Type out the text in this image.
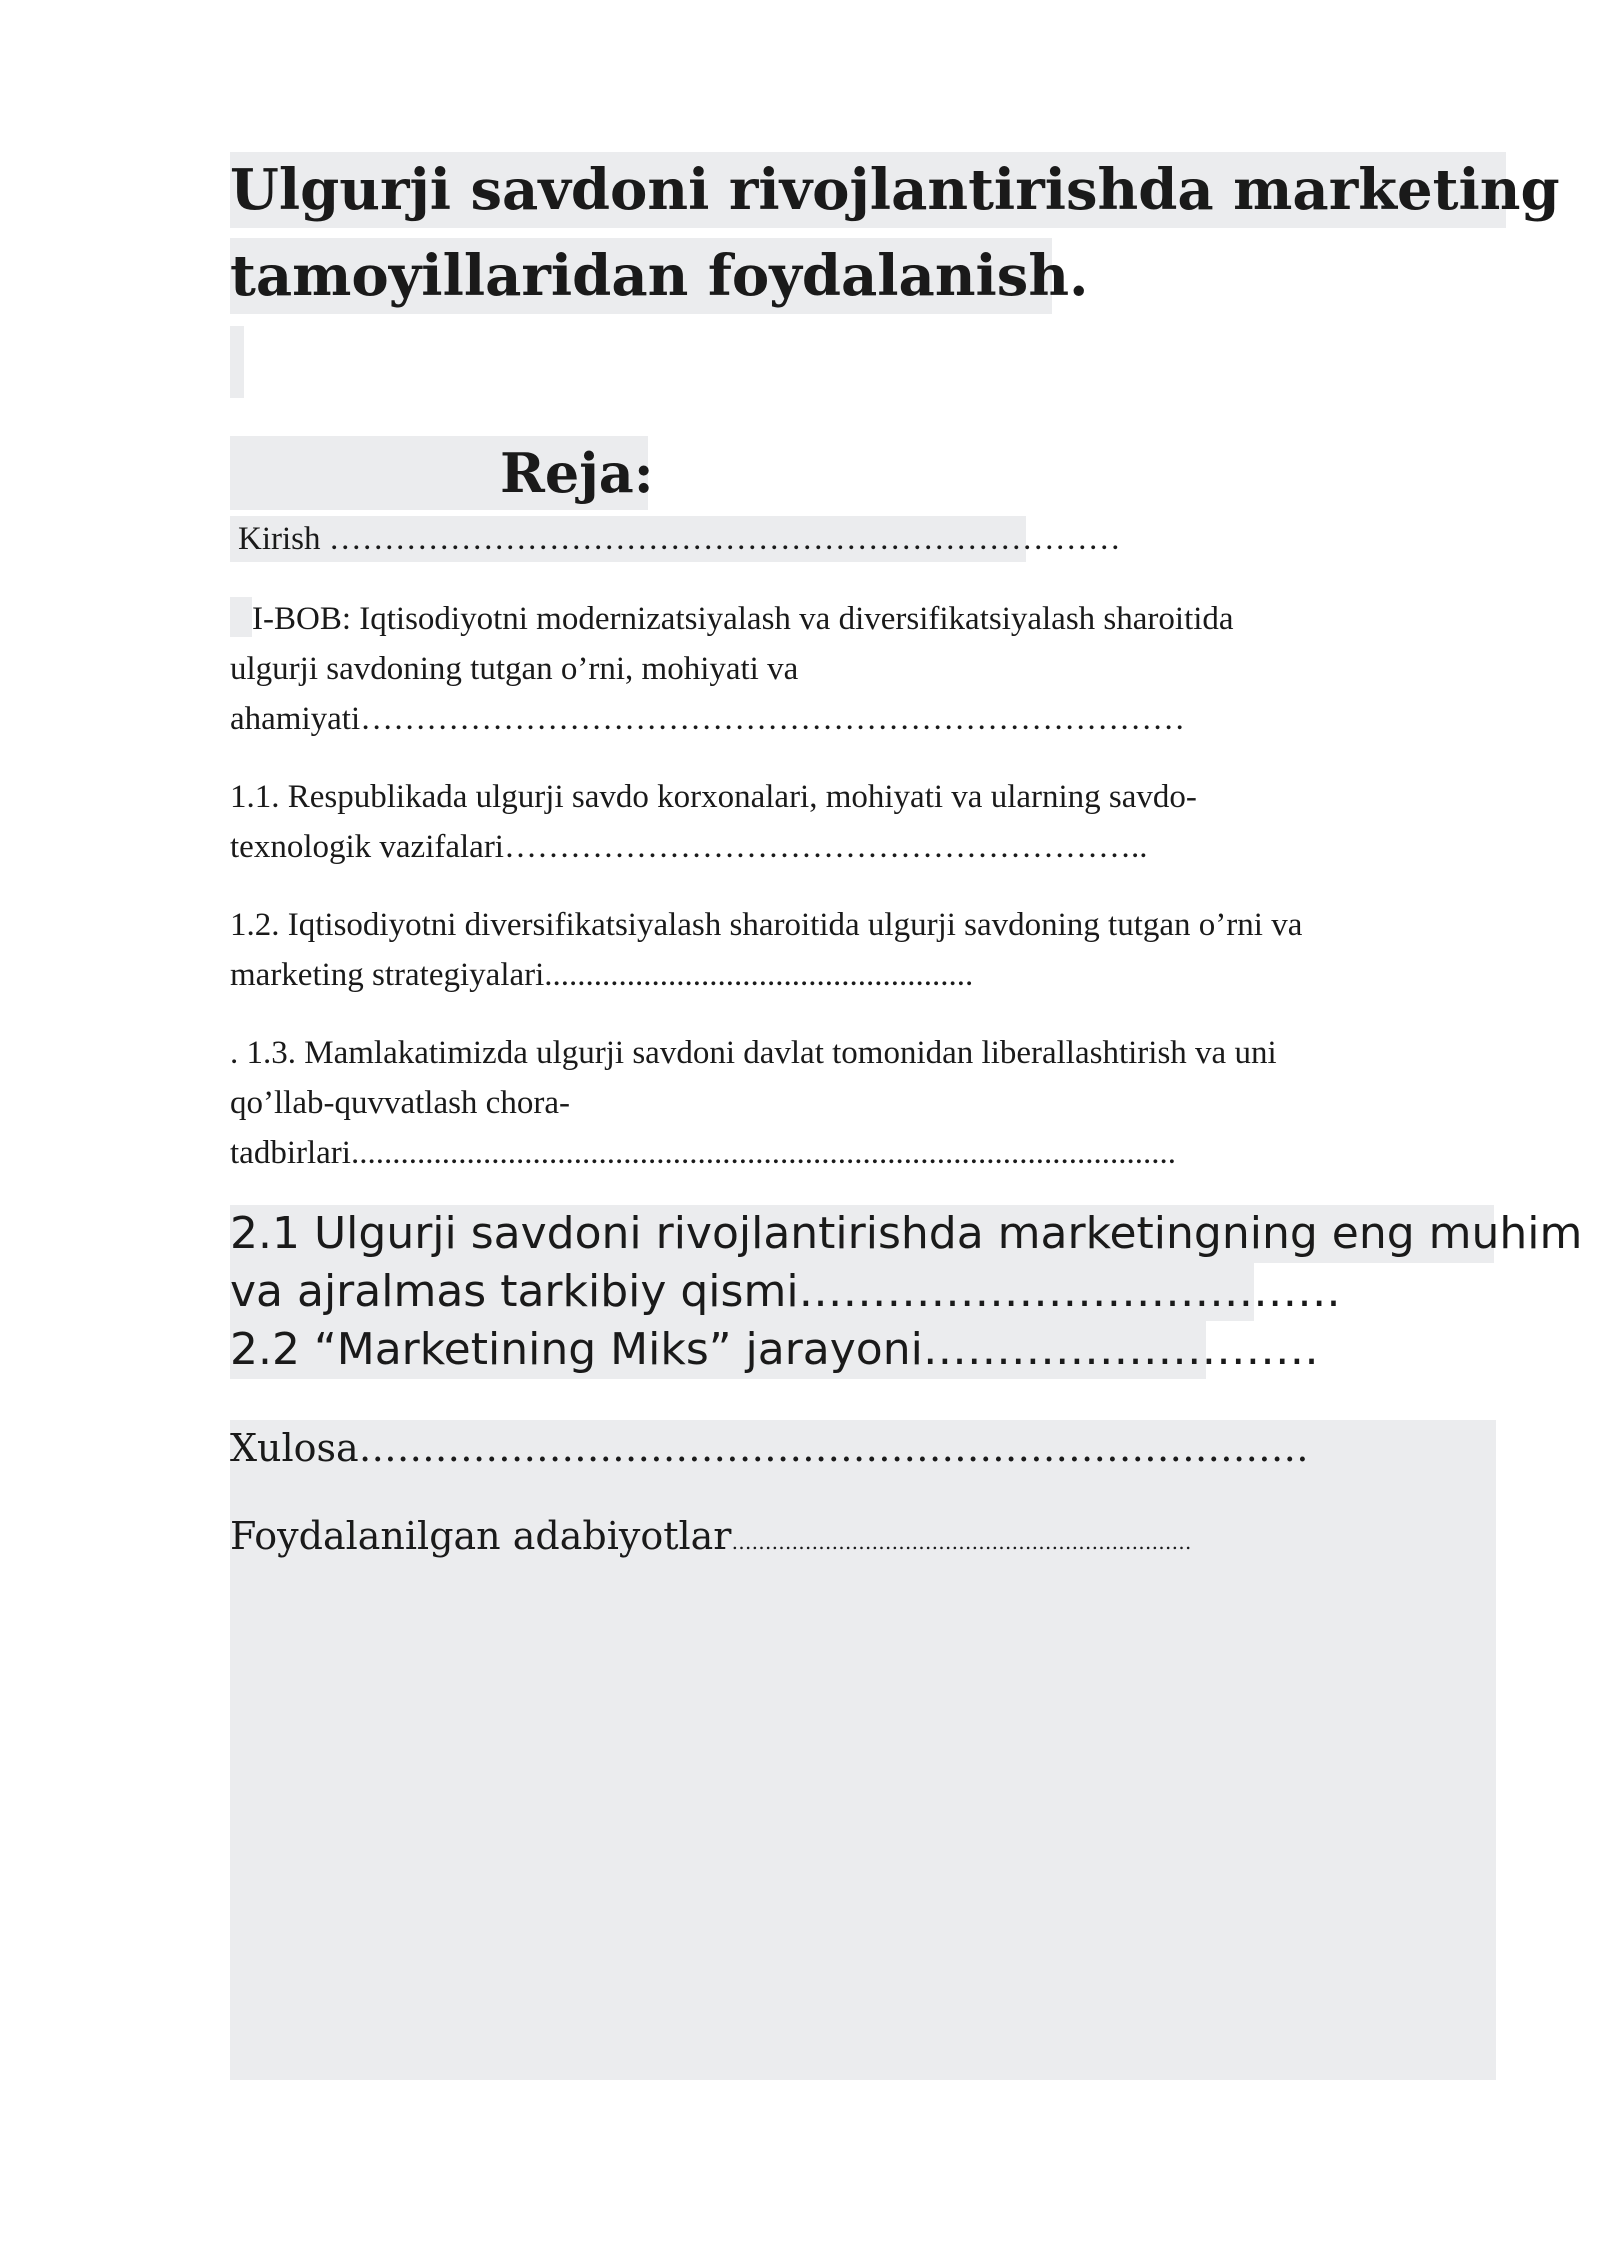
Ulgurji savdoni rivojlantirishda marketing
tamoyillaridan foydalanish.
Reja:
Kirish ………………………………………………………………
I-BOB: Iqtisodiyotni modernizatsiyalash va diversifikatsiyalash sharoitida
ulgurji savdoning tutgan o’rni, mohiyati va
ahamiyati…………………………………………………………………
1.1. Respublikada ulgurji savdo korxonalari, mohiyati va ularning savdo-
texnologik vazifalari…………………………………………………..
1.2. Iqtisodiyotni diversifikatsiyalash sharoitida ulgurji savdoning tutgan o’rni va
marketing strategiyalari....................................................
. 1.3. Mamlakatimizda ulgurji savdoni davlat tomonidan liberallashtirish va uni
qo’llab-quvvatlash chora-
tadbirlari....................................................................................................
2.1 Ulgurji savdoni rivojlantirishda marketingning eng muhim
va ajralmas tarkibiy qismi……………………………….
2.2 “Marketining Miks” jarayoni………………………
Xulosa…………………………………………………………………
Foydalanilgan adabiyotlar……………………………………………………………
